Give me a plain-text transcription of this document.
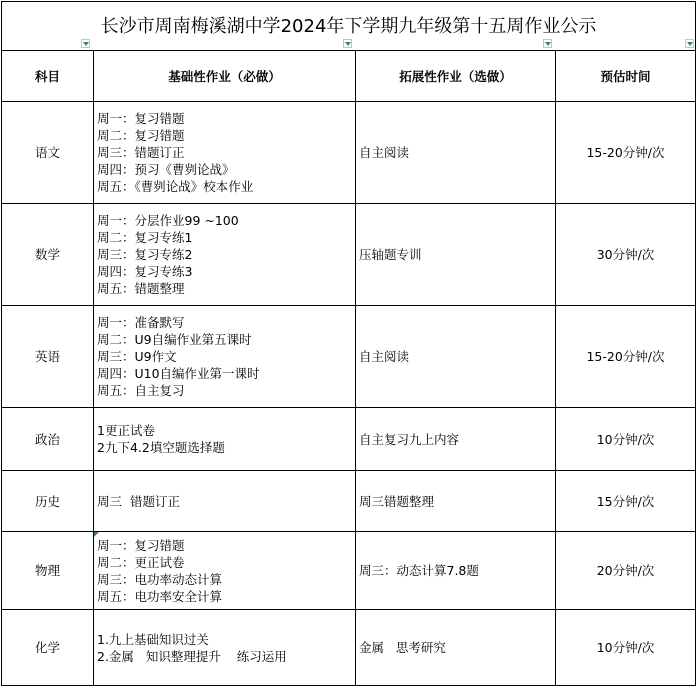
长沙市周南梅溪湖中学2024年下学期九年级第十五周作业公示			

科目	基础性作业（必做）	拓展性作业（选做）	预估时间
语文	周一：复习错题
周二：复习错题
周三：错题订正
周四：预习《曹刿论战》
周五：《曹刿论战》校本作业	自主阅读	15-20分钟/次
数学	周一：分层作业99 ~100
周二：复习专练1
周三：复习专练2
周四：复习专练3
周五：错题整理	压轴题专训	30分钟/次
英语	周一：准备默写
周二：U9自编作业第五课时
周三：U9作文
周四：U10自编作业第一课时
周五：自主复习	自主阅读	15-20分钟/次
政治	1更正试卷
2九下4.2填空题选择题	自主复习九上内容	10分钟/次
历史	周三  错题订正	周三错题整理	15分钟/次
物理	周一：复习错题
周二：更正试卷
周三：电功率动态计算
周五：电功率安全计算	周三：动态计算7.8题	20分钟/次
化学	1.九上基础知识过关
2.金属   知识整理提升    练习运用	金属   思考研究	10分钟/次
